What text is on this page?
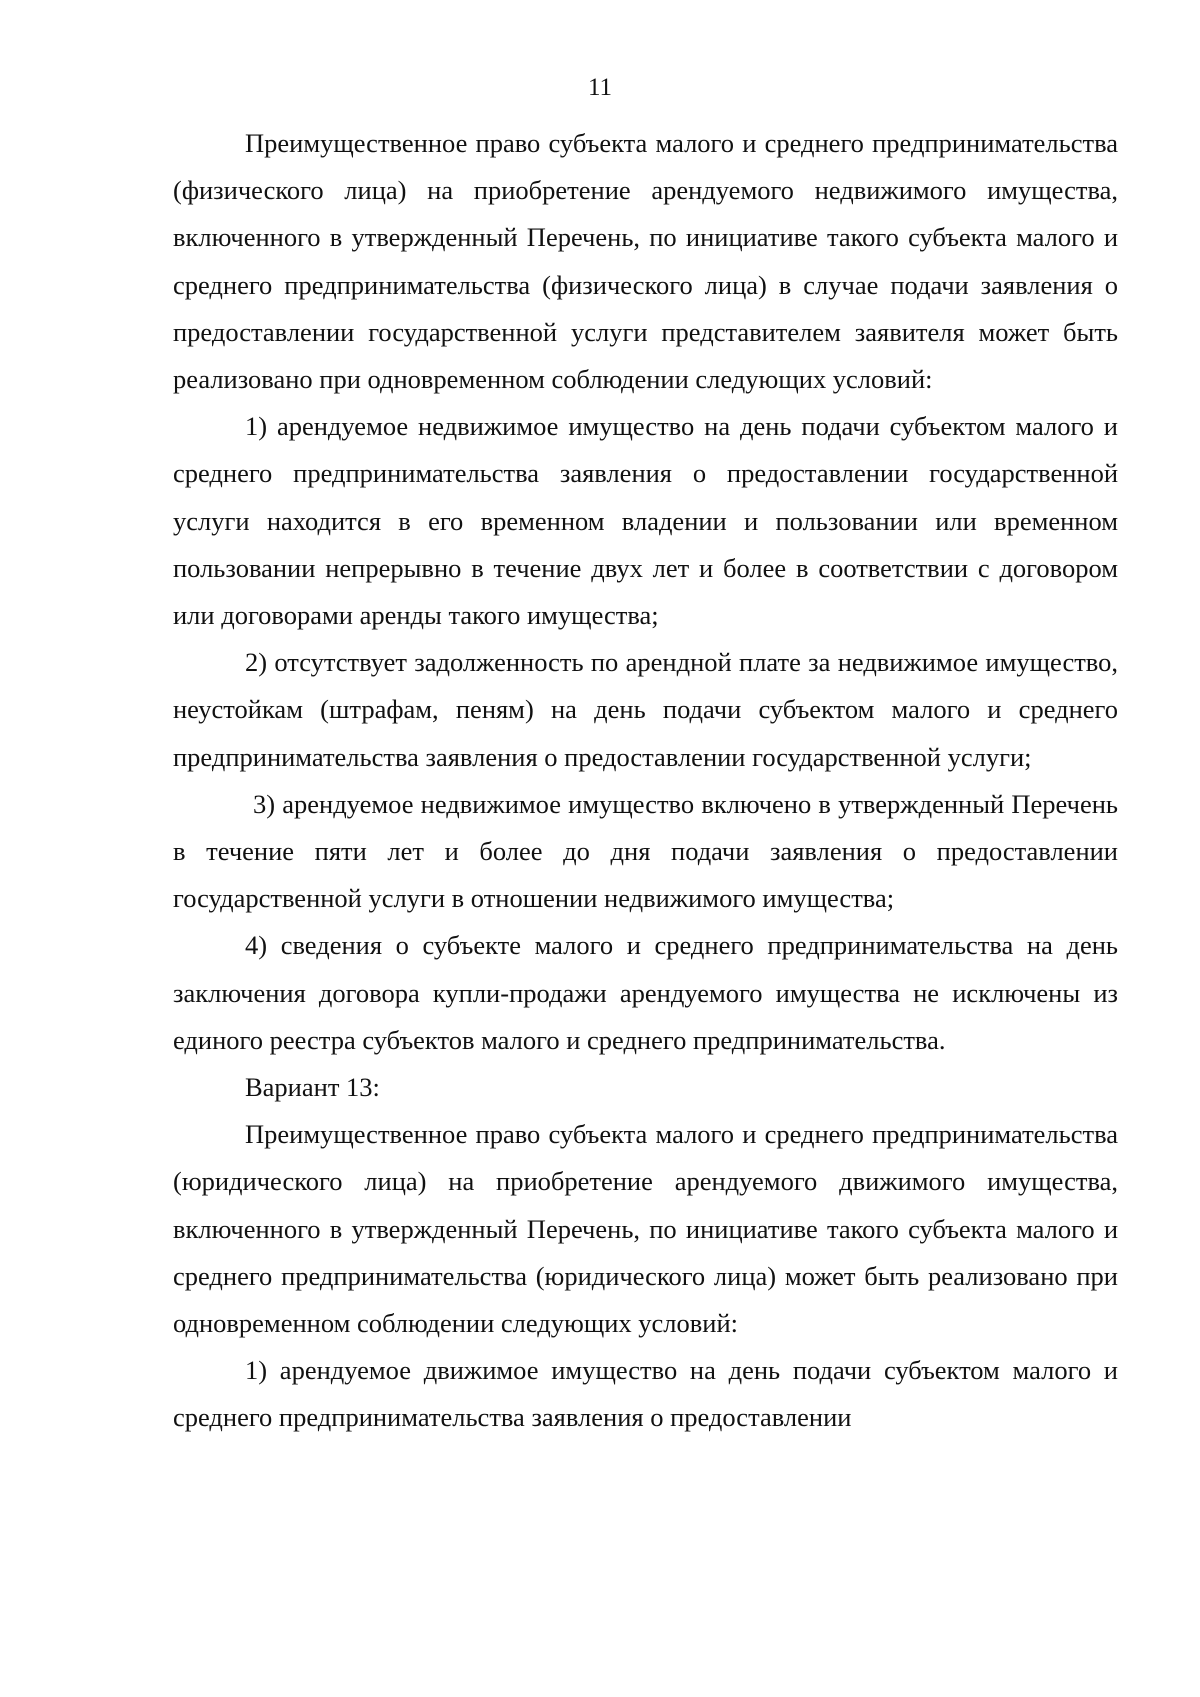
11

Преимущественное право субъекта малого и среднего предпринимательства (физического лица) на приобретение арендуемого недвижимого имущества, включенного в утвержденный Перечень, по инициативе такого субъекта малого и среднего предпринимательства (физического лица) в случае подачи заявления о предоставлении государственной услуги представителем заявителя может быть реализовано при одновременном соблюдении следующих условий:

1) арендуемое недвижимое имущество на день подачи субъектом малого и среднего предпринимательства заявления о предоставлении государственной услуги находится в его временном владении и пользовании или временном пользовании непрерывно в течение двух лет и более в соответствии с договором или договорами аренды такого имущества;

2) отсутствует задолженность по арендной плате за недвижимое имущество, неустойкам (штрафам, пеням) на день подачи субъектом малого и среднего предпринимательства заявления о предоставлении государственной услуги;

3) арендуемое недвижимое имущество включено в утвержденный Перечень в течение пяти лет и более до дня подачи заявления о предоставлении государственной услуги в отношении недвижимого имущества;

4) сведения о субъекте малого и среднего предпринимательства на день заключения договора купли-продажи арендуемого имущества не исключены из единого реестра субъектов малого и среднего предпринимательства.

Вариант 13:

Преимущественное право субъекта малого и среднего предпринимательства (юридического лица) на приобретение арендуемого движимого имущества, включенного в утвержденный Перечень, по инициативе такого субъекта малого и среднего предпринимательства (юридического лица) может быть реализовано при одновременном соблюдении следующих условий:

1) арендуемое движимое имущество на день подачи субъектом малого и среднего предпринимательства заявления о предоставлении
